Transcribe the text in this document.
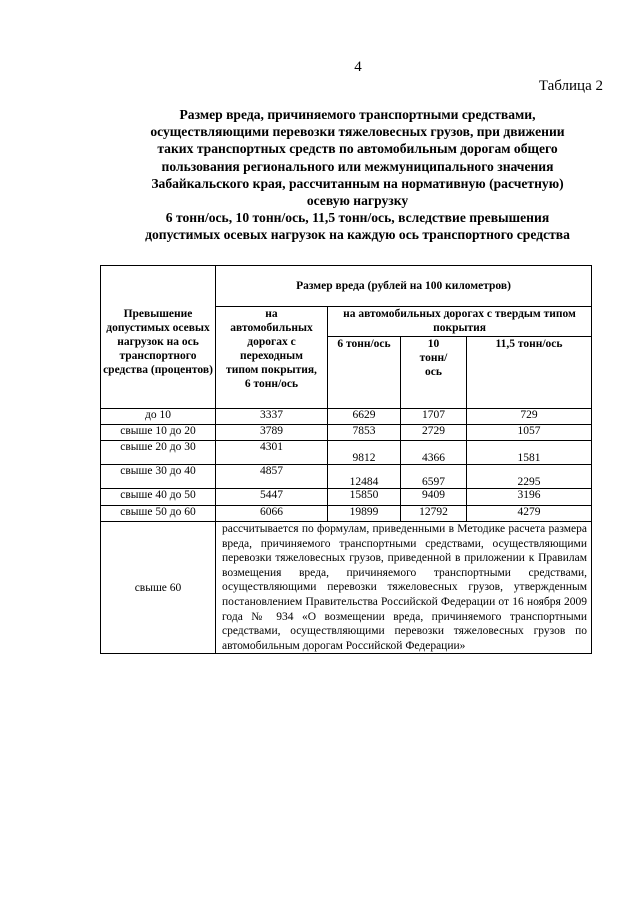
4
Таблица 2
Размер вреда, причиняемого транспортными средствами,
осуществляющими перевозки тяжеловесных грузов, при движении
таких транспортных средств по автомобильным дорогам общего
пользования регионального или межмуниципального значения
Забайкальского края, рассчитанным на нормативную (расчетную)
осевую нагрузку
6 тонн/ось, 10 тонн/ось, 11,5 тонн/ось, вследствие превышения
допустимых осевых нагрузок на каждую ось транспортного средства
Превышение допустимых осевых нагрузок на ось транспортного средства (процентов)	Размер вреда (рублей на 100 километров)			
	на автомобильных дорогах с переходным типом покрытия, 6 тонн/ось	на автомобильных дорогах с твердым типом покрытия		
		6 тонн/ось	10 тонн/ось	11,5 тонн/ось
до 10	3337	6629	1707	729
свыше 10 до 20	3789	7853	2729	1057
свыше 20 до 30	4301	9812	4366	1581
свыше 30 до 40	4857	12484	6597	2295
свыше 40 до 50	5447	15850	9409	3196
свыше 50 до 60	6066	19899	12792	4279
свыше 60	рассчитывается по формулам, приведенными в Методике расчета размера вреда, причиняемого транспортными средствами, осуществляющими перевозки тяжеловесных грузов, приведенной в приложении к Правилам возмещения вреда, причиняемого транспортными средствами, осуществляющими перевозки тяжеловесных грузов, утвержденным постановлением Правительства Российской Федерации от 16 ноября 2009 года № 934 «О возмещении вреда, причиняемого транспортными средствами, осуществляющими перевозки тяжеловесных грузов по автомобильным дорогам Российской Федерации»			
